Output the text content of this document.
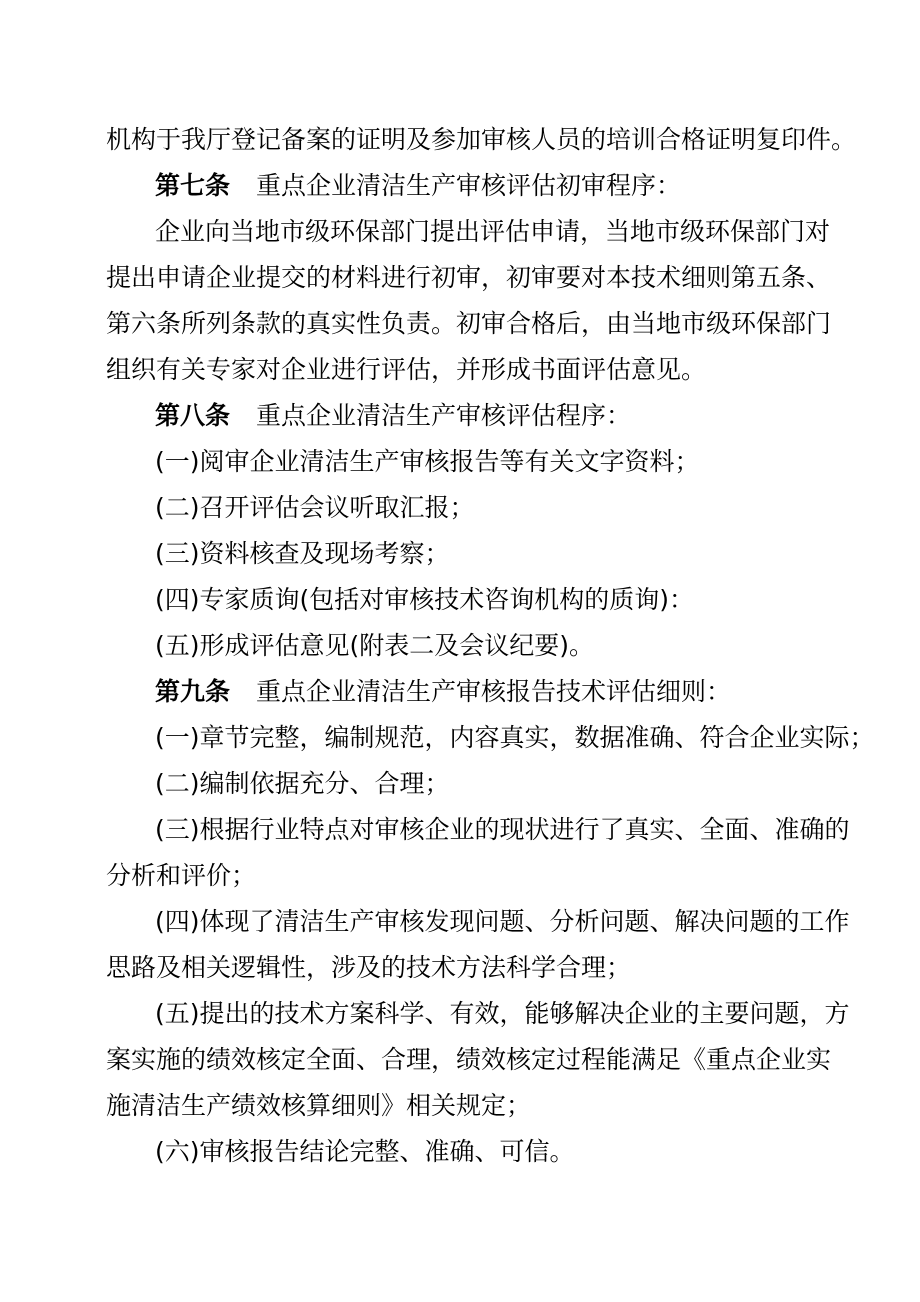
机构于我厅登记备案的证明及参加审核人员的培训合格证明复印件。
第七条 重点企业清洁生产审核评估初审程序：
企业向当地市级环保部门提出评估申请，当地市级环保部门对
提出申请企业提交的材料进行初审，初审要对本技术细则第五条、
第六条所列条款的真实性负责。初审合格后，由当地市级环保部门
组织有关专家对企业进行评估，并形成书面评估意见。
第八条 重点企业清洁生产审核评估程序：
(一)阅审企业清洁生产审核报告等有关文字资料；
(二)召开评估会议听取汇报；
(三)资料核查及现场考察；
(四)专家质询(包括对审核技术咨询机构的质询)：
(五)形成评估意见(附表二及会议纪要)。
第九条 重点企业清洁生产审核报告技术评估细则：
(一)章节完整，编制规范，内容真实，数据准确、符合企业实际；
(二)编制依据充分、合理；
(三)根据行业特点对审核企业的现状进行了真实、全面、准确的
分析和评价；
(四)体现了清洁生产审核发现问题、分析问题、解决问题的工作
思路及相关逻辑性，涉及的技术方法科学合理；
(五)提出的技术方案科学、有效，能够解决企业的主要问题，方
案实施的绩效核定全面、合理，绩效核定过程能满足《重点企业实
施清洁生产绩效核算细则》相关规定；
(六)审核报告结论完整、准确、可信。
